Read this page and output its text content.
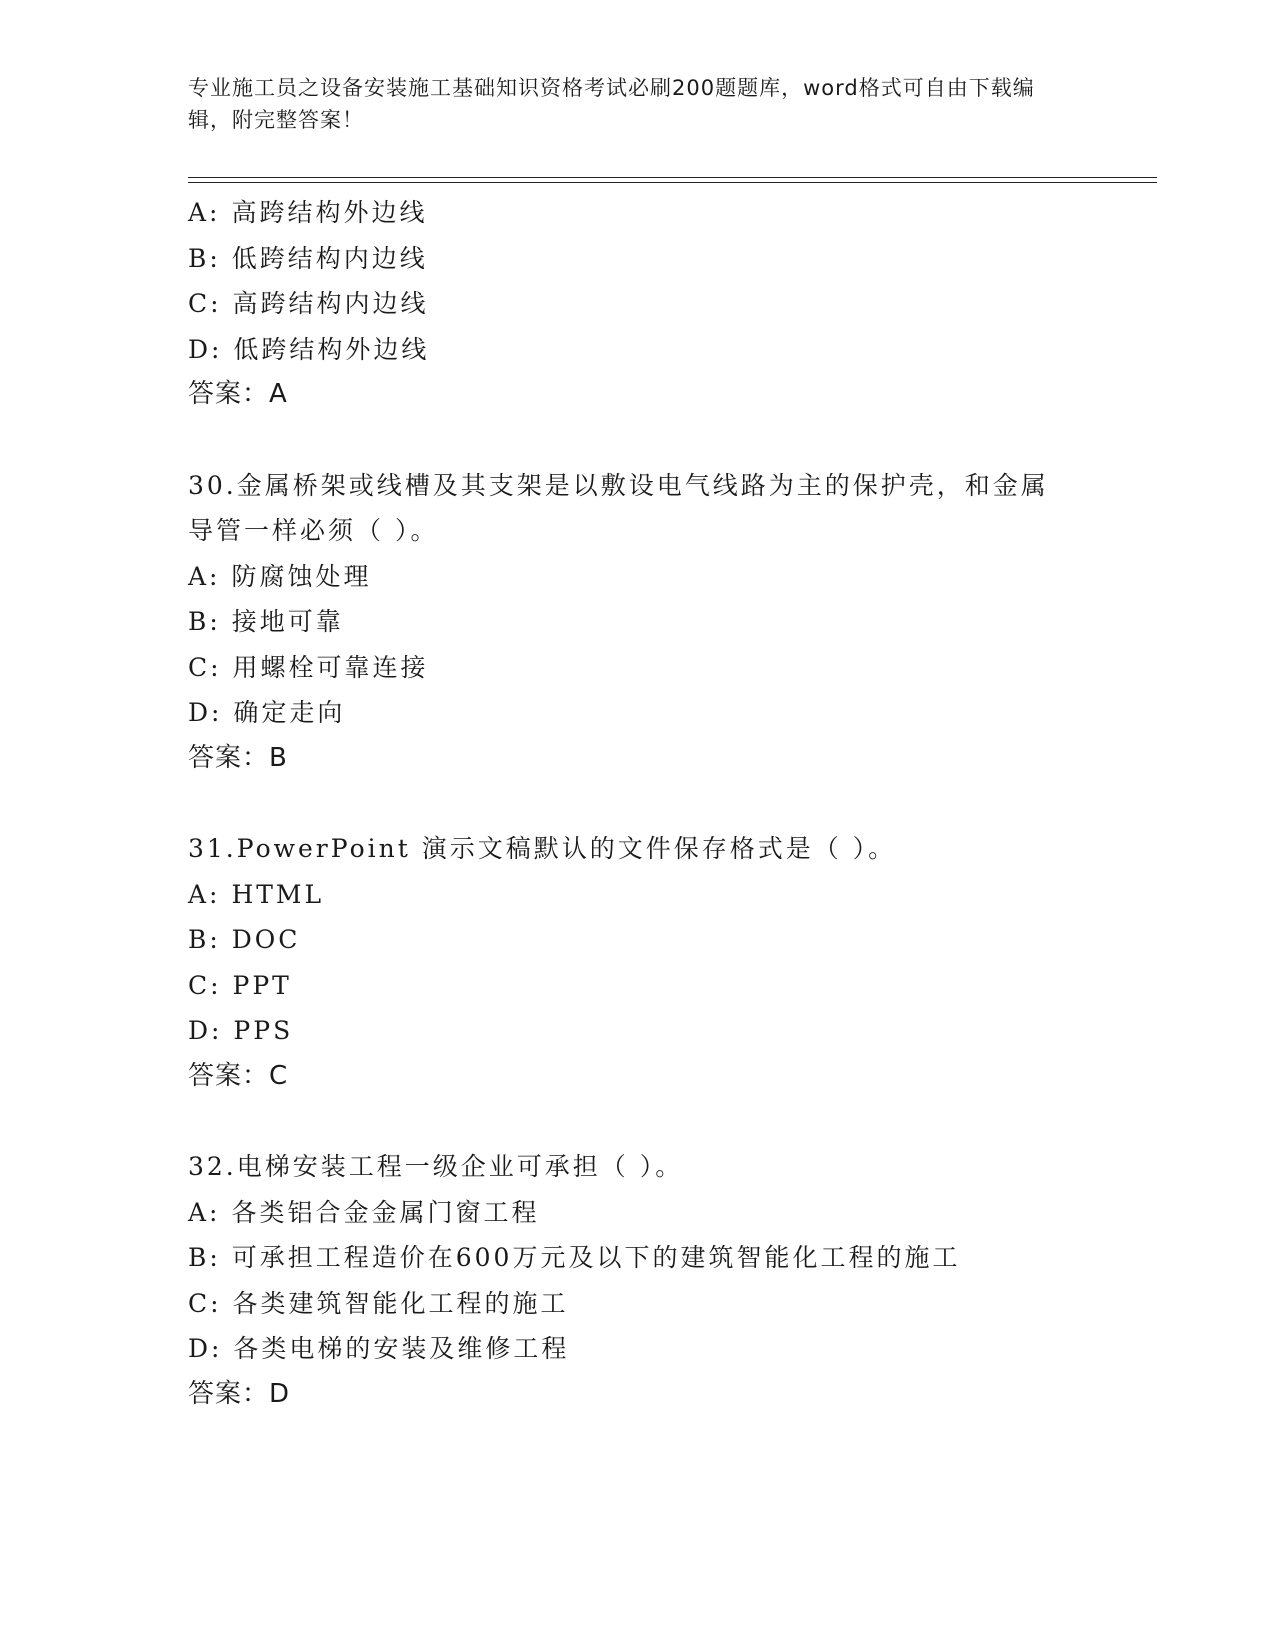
专业施工员之设备安装施工基础知识资格考试必刷200题题库，word格式可自由下载编辑，附完整答案！
A: 高跨结构外边线
B: 低跨结构内边线
C: 高跨结构内边线
D: 低跨结构外边线
答案：A
30.金属桥架或线槽及其支架是以敷设电气线路为主的保护壳，和金属
导管一样必须（ ）。
A: 防腐蚀处理
B: 接地可靠
C: 用螺栓可靠连接
D: 确定走向
答案：B
31.PowerPoint 演示文稿默认的文件保存格式是（ ）。
A: HTML
B: DOC
C: PPT
D: PPS
答案：C
32.电梯安装工程一级企业可承担（ ）。
A: 各类铝合金金属门窗工程
B: 可承担工程造价在600万元及以下的建筑智能化工程的施工
C: 各类建筑智能化工程的施工
D: 各类电梯的安装及维修工程
答案：D
